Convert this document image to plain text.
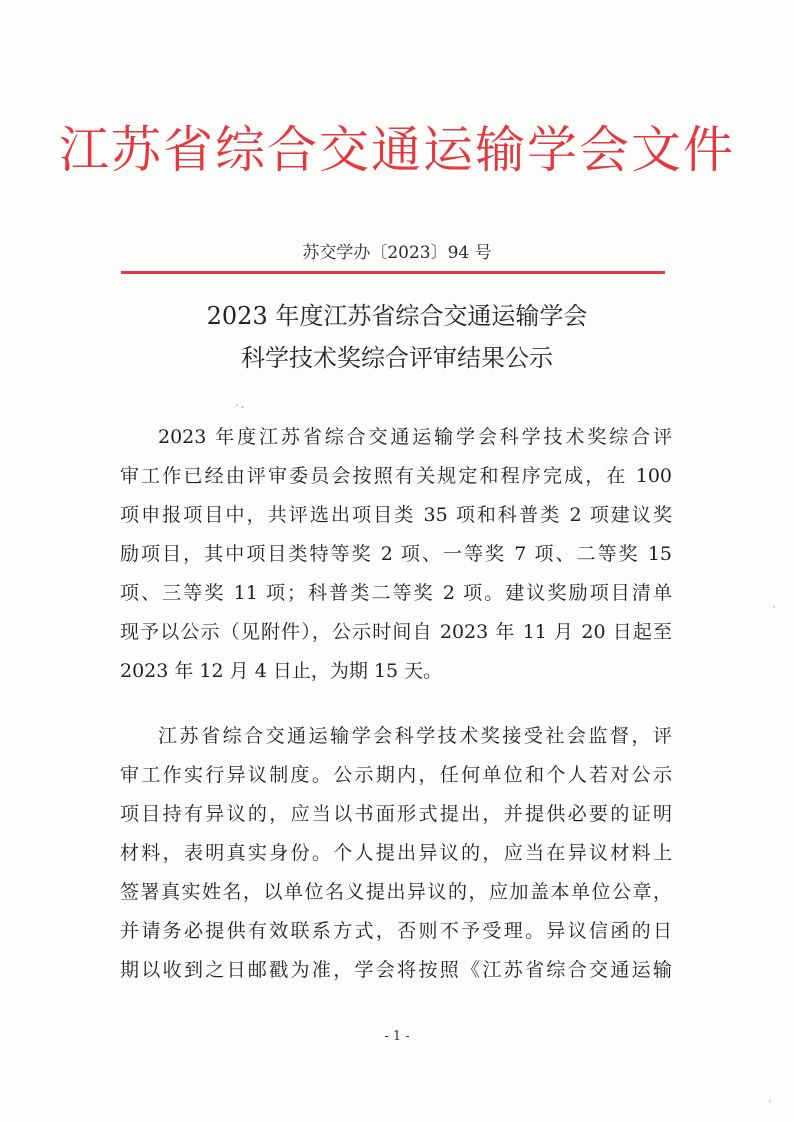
江苏省综合交通运输学会文件
苏交学办〔2023〕94 号
2023 年度江苏省综合交通运输学会
科学技术奖综合评审结果公示
2023 年度江苏省综合交通运输学会科学技术奖综合评
审工作已经由评审委员会按照有关规定和程序完成，在 100
项申报项目中，共评选出项目类 35 项和科普类 2 项建议奖
励项目，其中项目类特等奖 2 项、一等奖 7 项、二等奖 15
项、三等奖 11 项；科普类二等奖 2 项。建议奖励项目清单
现予以公示（见附件），公示时间自 2023 年 11 月 20 日起至
2023 年 12 月 4 日止，为期 15 天。
江苏省综合交通运输学会科学技术奖接受社会监督，评
审工作实行异议制度。公示期内，任何单位和个人若对公示
项目持有异议的，应当以书面形式提出，并提供必要的证明
材料，表明真实身份。个人提出异议的，应当在异议材料上
签署真实姓名，以单位名义提出异议的，应加盖本单位公章，
并请务必提供有效联系方式，否则不予受理。异议信函的日
期以收到之日邮戳为准，学会将按照《江苏省综合交通运输
- 1 -
